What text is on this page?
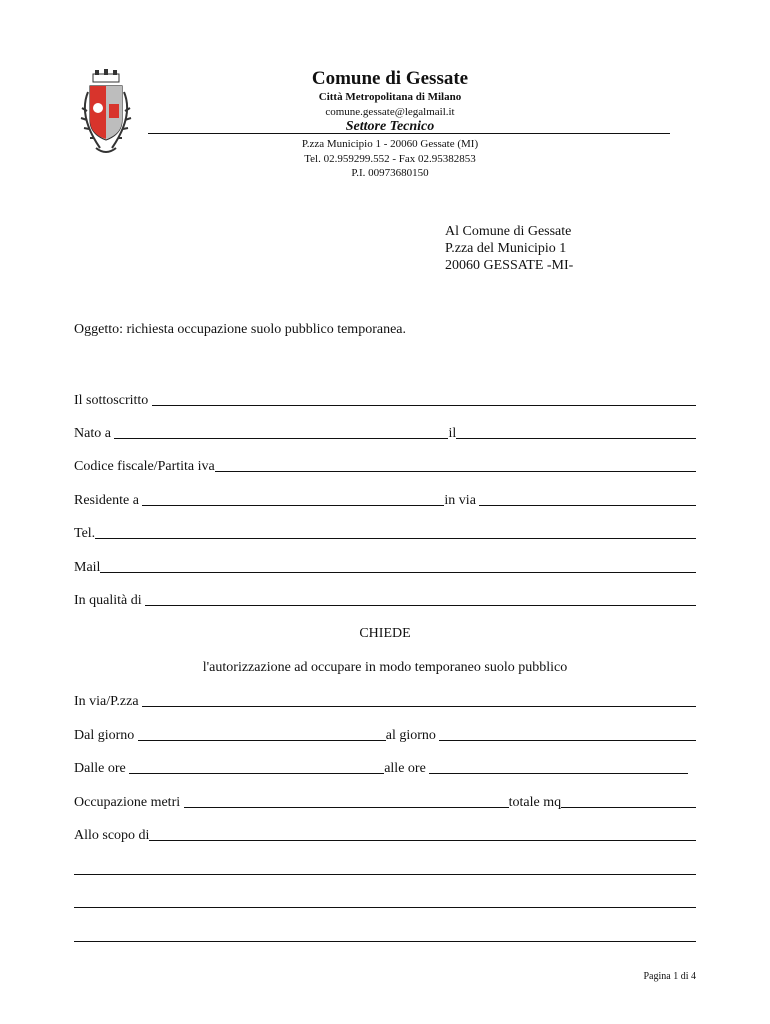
Comune di Gessate
Città Metropolitana di Milano
comune.gessate@legalmail.it
Settore Tecnico
P.zza Municipio 1 - 20060 Gessate (MI)
Tel. 02.959299.552 - Fax 02.95382853
P.I. 00973680150
Al Comune di Gessate
P.zza del Municipio 1
20060 GESSATE -MI-
Oggetto: richiesta occupazione suolo pubblico temporanea.
Il sottoscritto
Nato a	il
Codice fiscale/Partita iva
Residente a	in via
Tel.
Mail
In qualità di
CHIEDE
l'autorizzazione ad occupare in modo temporaneo suolo pubblico
In via/P.zza
Dal giorno	al giorno
Dalle ore	alle ore
Occupazione metri	totale mq
Allo scopo di
Pagina 1 di 4
